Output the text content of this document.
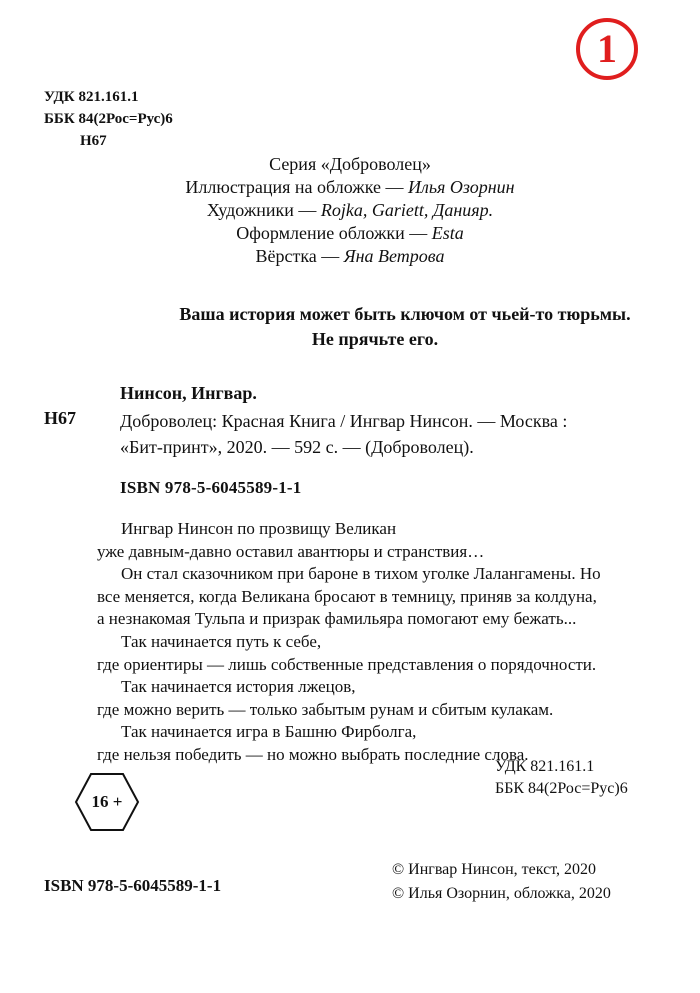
1
УДК 821.161.1
ББК 84(2Рос=Рус)6
Н67
Серия «Доброволец»
Иллюстрация на обложке — Илья Озорнин
Художники — Rojka, Gariett, Данияр.
Оформление обложки — Esta
Вёрстка — Яна Ветрова
Ваша история может быть ключом от чьей-то тюрьмы.
Не прячьте его.
Нинсон, Ингвар.
Н67 Доброволец: Красная Книга / Ингвар Нинсон. — Москва :
«Бит-принт», 2020. — 592 с. — (Доброволец).
ISBN 978-5-6045589-1-1
Ингвар Нинсон по прозвищу Великан
уже давным-давно оставил авантюры и странствия…
Он стал сказочником при бароне в тихом уголке Лалангамены. Но
все меняется, когда Великана бросают в темницу, приняв за колдуна,
а незнакомая Тульпа и призрак фамильяра помогают ему бежать...
Так начинается путь к себе,
где ориентиры — лишь собственные представления о порядочности.
Так начинается история лжецов,
где можно верить — только забытым рунам и сбитым кулакам.
Так начинается игра в Башню Фирболга,
где нельзя победить — но можно выбрать последние слова.
УДК 821.161.1
ББК 84(2Рос=Рус)6
16 +
ISBN 978-5-6045589-1-1
© Ингвар Нинсон, текст, 2020
© Илья Озорнин, обложка, 2020
